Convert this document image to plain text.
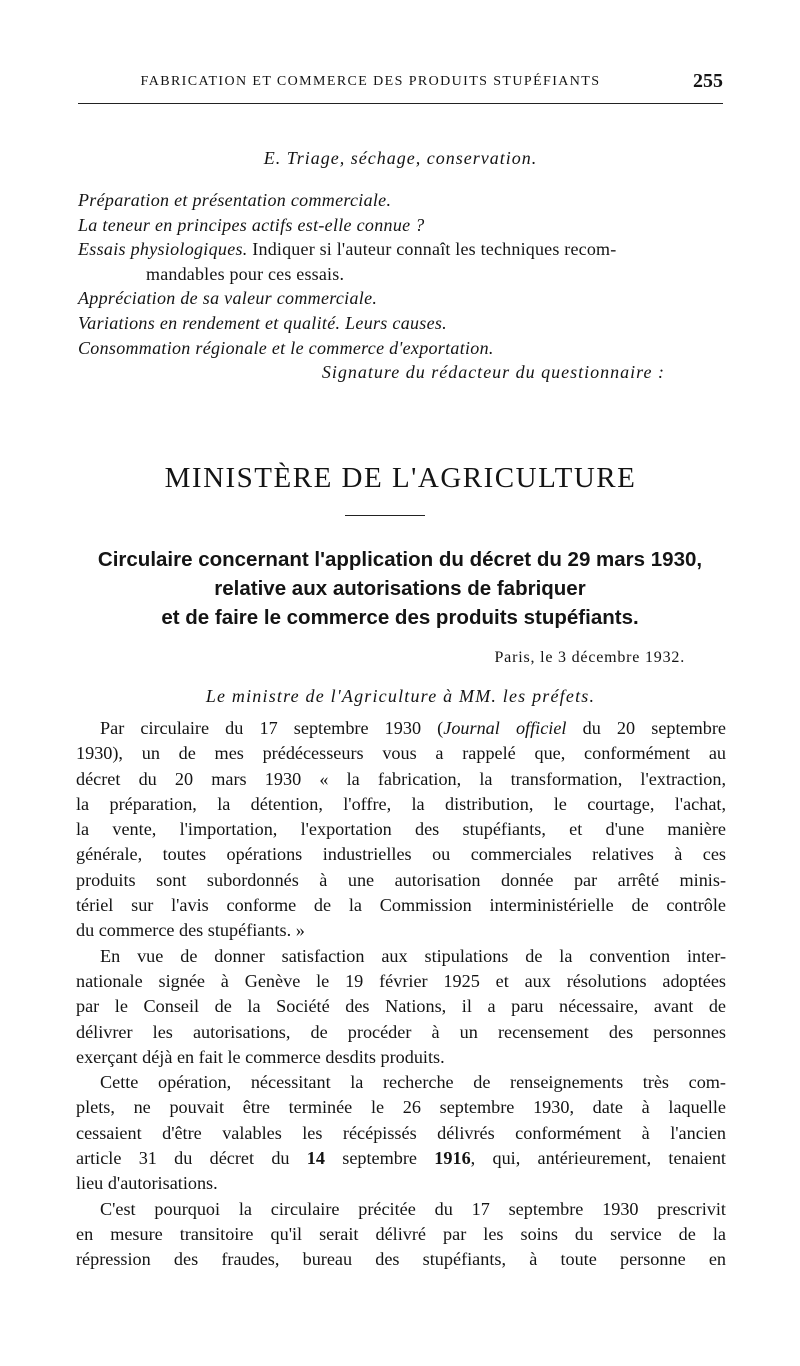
FABRICATION ET COMMERCE DES PRODUITS STUPÉFIANTS	255
E. Triage, séchage, conservation.
Préparation et présentation commerciale.
La teneur en principes actifs est-elle connue ?
Essais physiologiques. Indiquer si l'auteur connaît les techniques recom-
mandables pour ces essais.
Appréciation de sa valeur commerciale.
Variations en rendement et qualité. Leurs causes.
Consommation régionale et le commerce d'exportation.
Signature du rédacteur du questionnaire :
MINISTÈRE DE L'AGRICULTURE
Circulaire concernant l'application du décret du 29 mars 1930,
relative aux autorisations de fabriquer
et de faire le commerce des produits stupéfiants.
Paris, le 3 décembre 1932.
Le ministre de l'Agriculture à MM. les préfets.
Par circulaire du 17 septembre 1930 (Journal officiel du 20 septembre
1930), un de mes prédécesseurs vous a rappelé que, conformément au
décret du 20 mars 1930 « la fabrication, la transformation, l'extraction,
la préparation, la détention, l'offre, la distribution, le courtage, l'achat,
la vente, l'importation, l'exportation des stupéfiants, et d'une manière
générale, toutes opérations industrielles ou commerciales relatives à ces
produits sont subordonnés à une autorisation donnée par arrêté minis-
tériel sur l'avis conforme de la Commission interministérielle de contrôle
du commerce des stupéfiants. »
En vue de donner satisfaction aux stipulations de la convention inter-
nationale signée à Genève le 19 février 1925 et aux résolutions adoptées
par le Conseil de la Société des Nations, il a paru nécessaire, avant de
délivrer les autorisations, de procéder à un recensement des personnes
exerçant déjà en fait le commerce desdits produits.
Cette opération, nécessitant la recherche de renseignements très com-
plets, ne pouvait être terminée le 26 septembre 1930, date à laquelle
cessaient d'être valables les récépissés délivrés conformément à l'ancien
article 31 du décret du 14 septembre 1916, qui, antérieurement, tenaient
lieu d'autorisations.
C'est pourquoi la circulaire précitée du 17 septembre 1930 prescrivit
en mesure transitoire qu'il serait délivré par les soins du service de la
répression des fraudes, bureau des stupéfiants, à toute personne en
